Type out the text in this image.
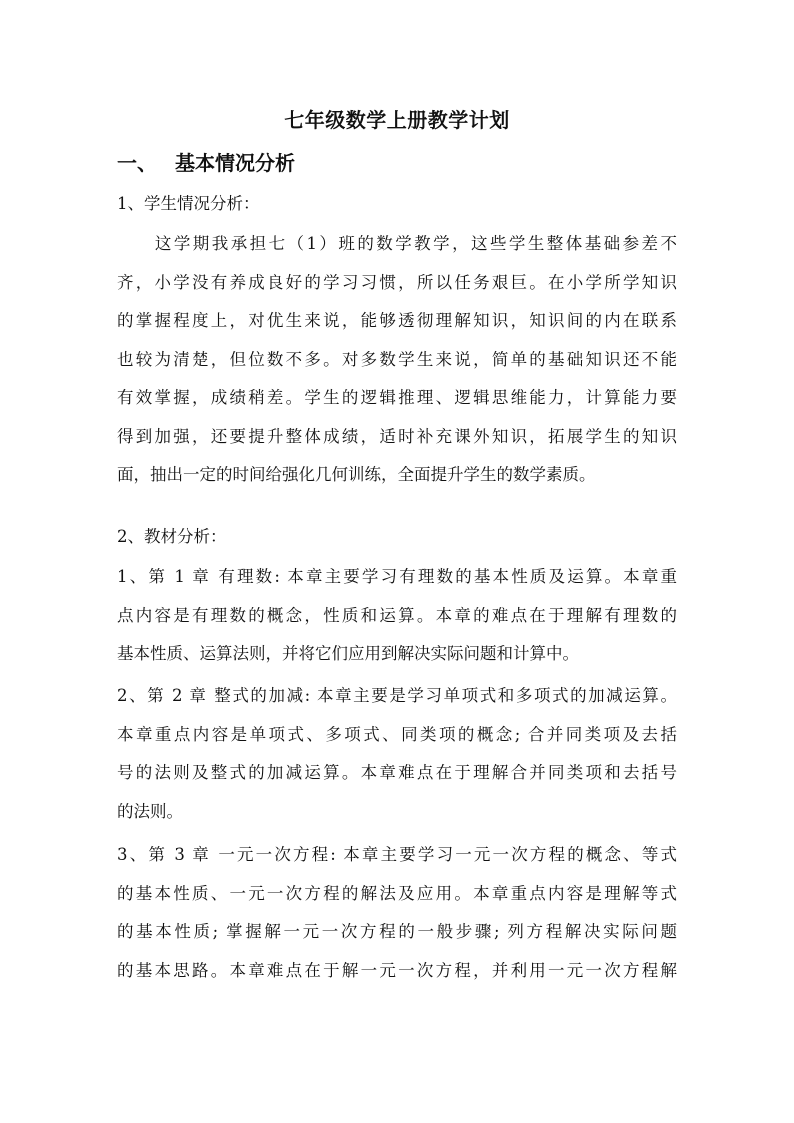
七年级数学上册教学计划
一、 基本情况分析
1、学生情况分析：
　　这学期我承担七（1）班的数学教学，这些学生整体基础参差不
齐，小学没有养成良好的学习习惯，所以任务艰巨。在小学所学知识
的掌握程度上，对优生来说，能够透彻理解知识，知识间的内在联系
也较为清楚，但位数不多。对多数学生来说，简单的基础知识还不能
有效掌握，成绩稍差。学生的逻辑推理、逻辑思维能力，计算能力要
得到加强，还要提升整体成绩，适时补充课外知识，拓展学生的知识
面，抽出一定的时间给强化几何训练，全面提升学生的数学素质。
2、教材分析：
1、第 1 章 有理数: 本章主要学习有理数的基本性质及运算。本章重
点内容是有理数的概念，性质和运算。本章的难点在于理解有理数的
基本性质、运算法则，并将它们应用到解决实际问题和计算中。
2、第 2 章 整式的加减: 本章主要是学习单项式和多项式的加减运算。
本章重点内容是单项式、多项式、同类项的概念; 合并同类项及去括
号的法则及整式的加减运算。本章难点在于理解合并同类项和去括号
的法则。
3、第 3 章 一元一次方程: 本章主要学习一元一次方程的概念、等式
的基本性质、一元一次方程的解法及应用。本章重点内容是理解等式
的基本性质; 掌握解一元一次方程的一般步骤; 列方程解决实际问题
的基本思路。本章难点在于解一元一次方程，并利用一元一次方程解
